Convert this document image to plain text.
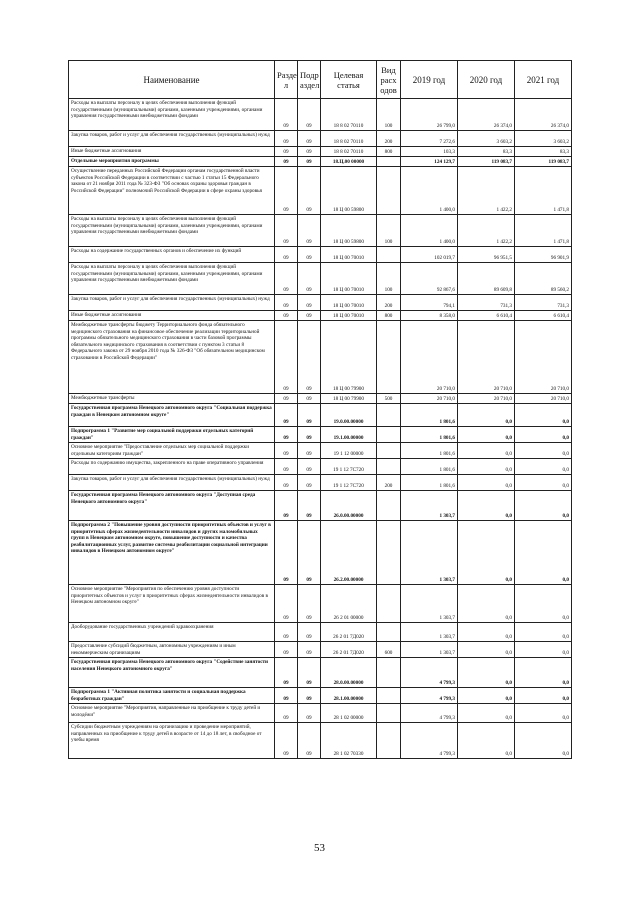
Наименование	Разде л	Подр аздел	Целевая статья	Вид расх одов	2019 год	2020 год	2021 год
Расходы на выплаты персоналу в целях обеспечения выполнения функций государственными (муниципальными) органами, казенными учреждениями, органами управления государственными внебюджетными фондами	09	09	18 8 02 70110	100	26 799,0	26 374,0	26 374,0
Закупка товаров, работ и услуг для обеспечения государственных (муниципальных) нужд	09	09	18 8 02 70110	200	7 272,6	3 603,2	3 603,2
Иные бюджетные ассигнования	09	09	18 8 02 70110	800	103,3	83,3	83,3
Отдельные мероприятия программы	09	09	18.Ц.00 00000		124 129,7	119 083,7	119 083,7
Осуществление переданных Российской Федерации органам государственной власти субъектов Российской Федерации в соответствии с частью 1 статьи 15 Федерального закона от 21 ноября 2011 года № 323-ФЗ "Об основах охраны здоровья граждан в Российской Федерации" полномочий Российской Федерации в сфере охраны здоровья	09	09	18 Ц 00 59800		1 400,0	1 422,2	1 471,8
Расходы на выплаты персоналу в целях обеспечения выполнения функций государственными (муниципальными) органами, казенными учреждениями, органами управления государственными внебюджетными фондами	09	09	18 Ц 00 59800	100	1 400,0	1 422,2	1 471,8
Расходы на содержание государственных органов и обеспечение их функций	09	09	18 Ц 00 70010		102 019,7	96 951,5	96 901,9
Расходы на выплаты персоналу в целях обеспечения выполнения функций государственными (муниципальными) органами, казенными учреждениями, органами управления государственными внебюджетными фондами	09	09	18 Ц 00 70010	100	92 867,6	89 609,8	89 560,2
Закупка товаров, работ и услуг для обеспечения государственных (муниципальных) нужд	09	09	18 Ц 00 70010	200	794,1	731,3	731,3
Иные бюджетные ассигнования	09	09	18 Ц 00 70010	800	8 358,0	6 610,4	6 610,4
Межбюджетные трансферты бюджету Территориального фонда обязательного медицинского страхования на финансовое обеспечение реализации территориальной программы обязательного медицинского страхования в части базовой программы обязательного медицинского страхования в соответствии с пунктом 3 статьи 8 Федерального закона от 29 ноября 2010 года № 326-ФЗ "Об обязательном медицинском страховании в Российской Федерации"	09	09	18 Ц 00 79900		20 710,0	20 710,0	20 710,0
Межбюджетные трансферты	09	09	18 Ц 00 79900	500	20 710,0	20 710,0	20 710,0
Государственная программа Ненецкого автономного округа "Социальная поддержка граждан в Ненецком автономном округе"	09	09	19.0.00.00000		1 801,6	0,0	0,0
Подпрограмма 1 "Развитие мер социальной поддержки отдельных категорий граждан"	09	09	19.1.00.00000		1 801,6	0,0	0,0
Основное мероприятие "Предоставление отдельных мер социальной поддержки отдельным категориям граждан"	09	09	19 1 12 00000		1 801,6	0,0	0,0
Расходы по содержанию имущества, закрепленного на праве оперативного управления	09	09	19 1 12 7С720		1 801,6	0,0	0,0
Закупка товаров, работ и услуг для обеспечения государственных (муниципальных) нужд	09	09	19 1 12 7С720	200	1 801,6	0,0	0,0
Государственная программа Ненецкого автономного округа "Доступная среда Ненецкого автономного округа"	09	09	26.0.00.00000		1 303,7	0,0	0,0
Подпрограмма 2 "Повышение уровня доступности приоритетных объектов и услуг в приоритетных сферах жизнедеятельности инвалидов и других маломобильных групп в Ненецком автономном округе, повышение доступности и качества реабилитационных услуг, развитие системы реабилитации социальной интеграции инвалидов в Ненецком автономном округе"	09	09	26.2.00.00000		1 303,7	0,0	0,0
Основное мероприятие "Мероприятия по обеспечению уровня доступности приоритетных объектов и услуг в приоритетных сферах жизнедеятельности инвалидов в Ненецком автономном округе"	09	09	26 2 01 00000		1 303,7	0,0	0,0
Дооборудование государственных учреждений здравоохранения	09	09	26 2 01 7Д020		1 303,7	0,0	0,0
Предоставление субсидий бюджетным, автономным учреждениям и иным некоммерческим организациям	09	09	26 2 01 7Д020	600	1 303,7	0,0	0,0
Государственная программа Ненецкого автономного округа "Содействие занятости населения Ненецкого автономного округа"	09	09	28.0.00.00000		4 799,3	0,0	0,0
Подпрограмма 1 "Активная политика занятости и социальная поддержка безработных граждан"	09	09	28.1.00.00000		4 799,3	0,0	0,0
Основное мероприятие "Мероприятия, направленные на приобщение к труду детей и молодёжи"	09	09	28 1 02 00000		4 799,3	0,0	0,0
Субсидии бюджетным учреждениям на организацию и проведение мероприятий, направленных на приобщение к труду детей в возрасте от 14 до 18 лет, в свободное от учебы время	09	09	28 1 02 70330		4 799,3	0,0	0,0
53
